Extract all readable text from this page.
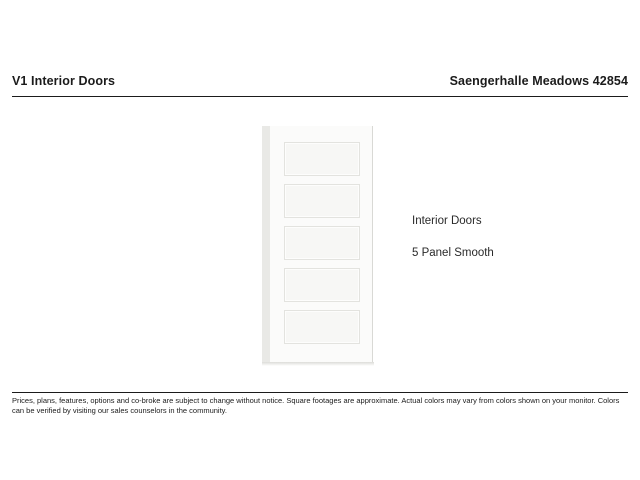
V1 Interior Doors	Saengerhalle Meadows 42854
Interior Doors
5 Panel Smooth
Prices, plans, features, options and co-broke are subject to change without notice. Square footages are approximate. Actual colors may vary from colors shown on your monitor. Colors can be verified by visiting our sales counselors in the community.
